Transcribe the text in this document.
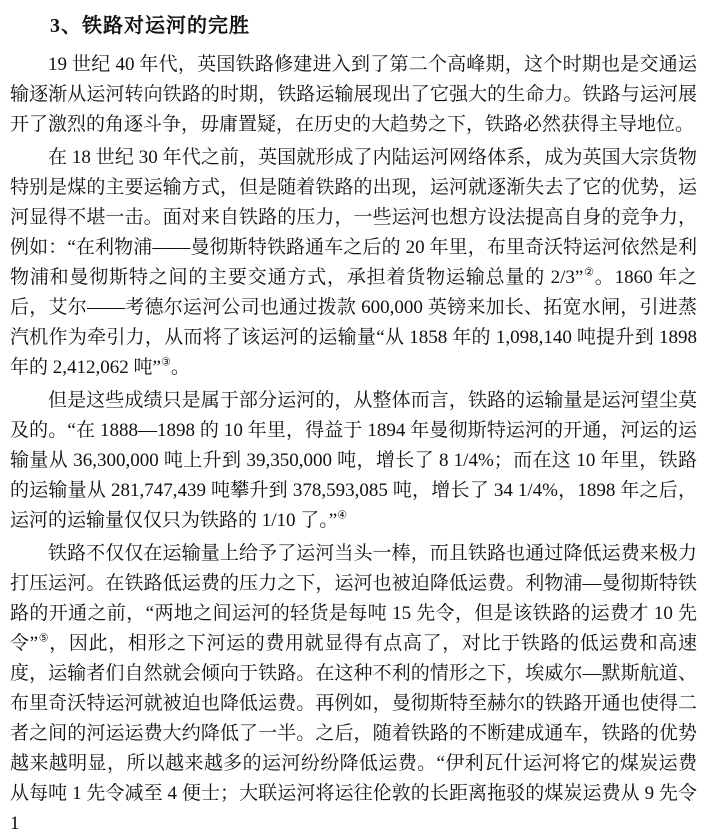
3、铁路对运河的完胜

19 世纪 40 年代，英国铁路修建进入到了第二个高峰期，这个时期也是交通运输逐渐从运河转向铁路的时期，铁路运输展现出了它强大的生命力。铁路与运河展开了激烈的角逐斗争，毋庸置疑，在历史的大趋势之下，铁路必然获得主导地位。

在 18 世纪 30 年代之前，英国就形成了内陆运河网络体系，成为英国大宗货物特别是煤的主要运输方式，但是随着铁路的出现，运河就逐渐失去了它的优势，运河显得不堪一击。面对来自铁路的压力，一些运河也想方设法提高自身的竞争力，例如：“在利物浦——曼彻斯特铁路通车之后的 20 年里，布里奇沃特运河依然是利物浦和曼彻斯特之间的主要交通方式，承担着货物运输总量的 2/3”②。1860 年之后，艾尔——考德尔运河公司也通过拨款 600,000 英镑来加长、拓宽水闸，引进蒸汽机作为牵引力，从而将了该运河的运输量“从 1858 年的 1,098,140 吨提升到 1898 年的 2,412,062 吨”③。

但是这些成绩只是属于部分运河的，从整体而言，铁路的运输量是运河望尘莫及的。“在 1888—1898 的 10 年里，得益于 1894 年曼彻斯特运河的开通，河运的运输量从 36,300,000 吨上升到 39,350,000 吨，增长了 8 1/4%；而在这 10 年里，铁路的运输量从 281,747,439 吨攀升到 378,593,085 吨，增长了 34 1/4%，1898 年之后，运河的运输量仅仅只为铁路的 1/10 了。”④

铁路不仅仅在运输量上给予了运河当头一棒，而且铁路也通过降低运费来极力打压运河。在铁路低运费的压力之下，运河也被迫降低运费。利物浦—曼彻斯特铁路的开通之前，“两地之间运河的轻货是每吨 15 先令，但是该铁路的运费才 10 先令”⑤，因此，相形之下河运的费用就显得有点高了，对比于铁路的低运费和高速度，运输者们自然就会倾向于铁路。在这种不利的情形之下，埃威尔—默斯航道、布里奇沃特运河就被迫也降低运费。再例如，曼彻斯特至赫尔的铁路开通也使得二者之间的河运运费大约降低了一半。之后，随着铁路的不断建成通车，铁路的优势越来越明显，所以越来越多的运河纷纷降低运费。“伊利瓦什运河将它的煤炭运费从每吨 1 先令减至 4 便士；大联运河将运往伦敦的长距离拖驳的煤炭运费从 9 先令 1
